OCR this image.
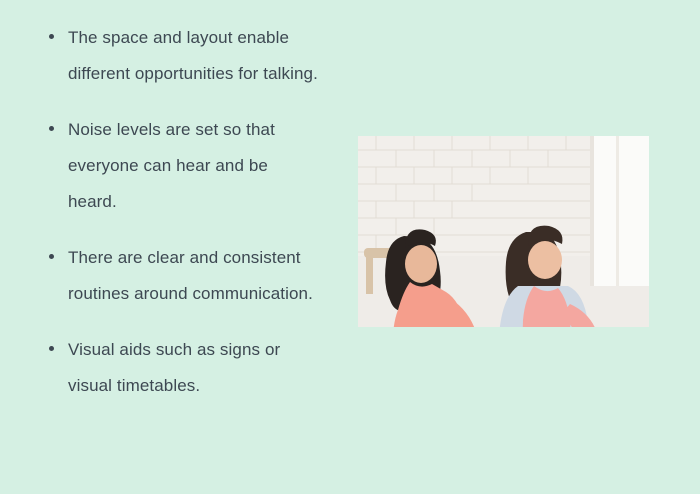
The space and layout enable different opportunities for talking.
Noise levels are set so that everyone can hear and be heard.
There are clear and consistent routines around communication.
Visual aids such as signs or visual timetables.
